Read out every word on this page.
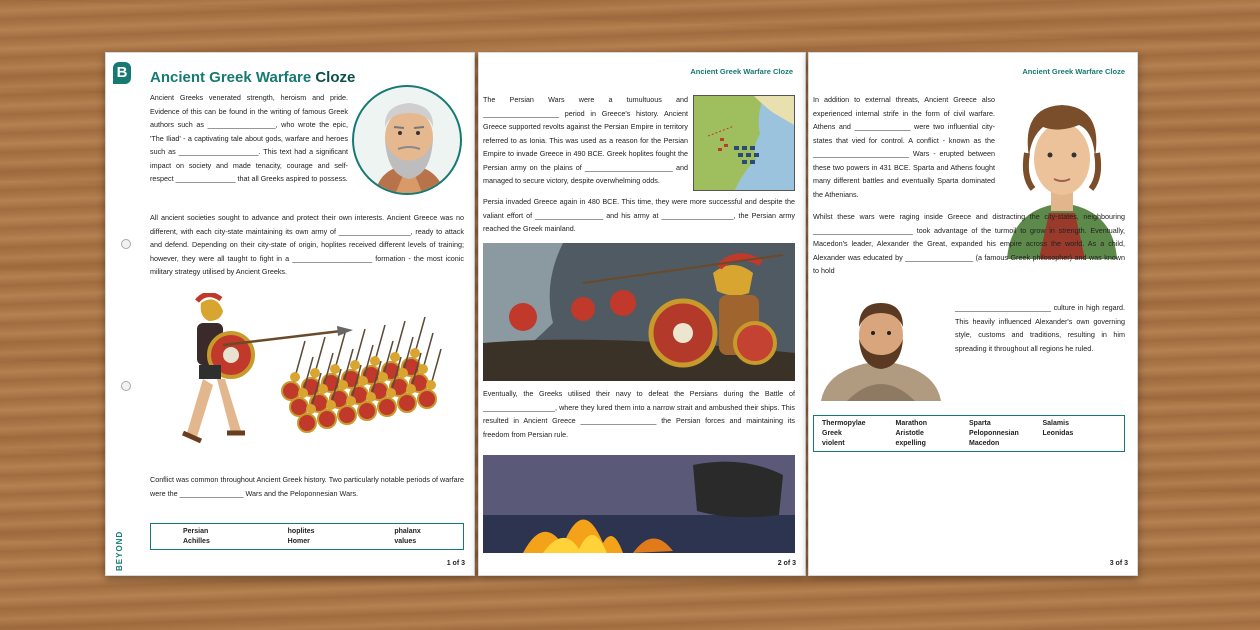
B
BEYOND
Ancient Greek Warfare Cloze
Ancient Greeks venerated strength, heroism and pride. Evidence of this can be found in the writing of famous Greek authors such as _________________, who wrote the epic, 'The Iliad' - a captivating tale about gods, warfare and heroes such as ____________________. This text had a significant impact on society and made tenacity, courage and self-respect _______________ that all Greeks aspired to possess.
All ancient societies sought to advance and protect their own interests. Ancient Greece was no different, with each city-state maintaining its own army of __________________, ready to attack and defend. Depending on their city-state of origin, hoplites received different levels of training; however, they were all taught to fight in a ____________________ formation - the most iconic military strategy utilised by Ancient Greeks.
Conflict was common throughout Ancient Greek history. Two particularly notable periods of warfare were the ________________ Wars and the Peloponnesian Wars.
Persian	hoplites	phalanx
Achilles	Homer	values
1 of 3
Ancient Greek Warfare Cloze
The Persian Wars were a tumultuous and ___________________ period in Greece's history. Ancient Greece supported revolts against the Persian Empire in territory referred to as Ionia. This was used as a reason for the Persian Empire to invade Greece in 490 BCE. Greek hoplites fought the Persian army on the plains of ______________________ and managed to secure victory, despite overwhelming odds.
Persia invaded Greece again in 480 BCE. This time, they were more successful and despite the valiant effort of _________________ and his army at __________________, the Persian army reached the Greek mainland.
Eventually, the Greeks utilised their navy to defeat the Persians during the Battle of __________________, where they lured them into a narrow strait and ambushed their ships. This resulted in Ancient Greece ___________________ the Persian forces and maintaining its freedom from Persian rule.
2 of 3
Ancient Greek Warfare Cloze
In addition to external threats, Ancient Greece also experienced internal strife in the form of civil warfare. Athens and ______________ were two influential city-states that vied for control. A conflict - known as the ________________________ Wars - erupted between these two powers in 431 BCE. Sparta and Athens fought many different battles and eventually Sparta dominated the Athenians.
Whilst these wars were raging inside Greece and distracting the city-states, neighbouring _________________________ took advantage of the turmoil to grow in strength. Eventually, Macedon's leader, Alexander the Great, expanded his empire across the world. As a child, Alexander was educated by _________________ (a famous Greek philosopher) and was known to hold
________________________ culture in high regard. This heavily influenced Alexander's own governing style, customs and traditions, resulting in him spreading it throughout all regions he ruled.
Thermopylae	Marathon	Sparta	Salamis
Greek	Aristotle	Peloponnesian	Leonidas
violent	expelling	Macedon
3 of 3
